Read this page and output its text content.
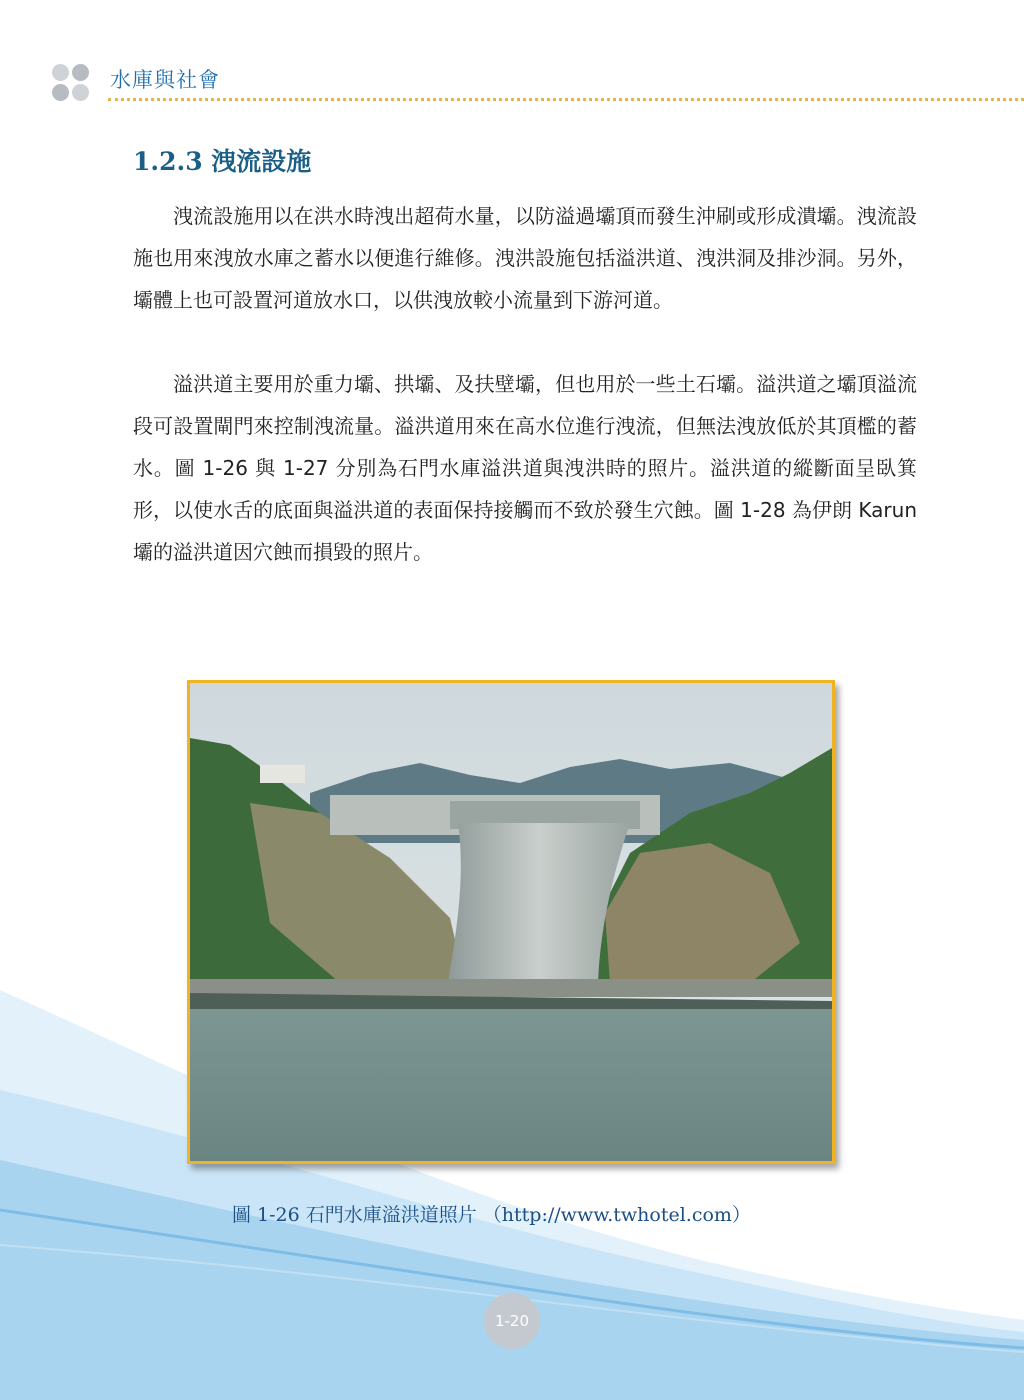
水庫與社會
1.2.3 洩流設施

洩流設施用以在洪水時洩出超荷水量，以防溢過壩頂而發生沖刷或形成潰壩。洩流設施也用來洩放水庫之蓄水以便進行維修。洩洪設施包括溢洪道、洩洪洞及排沙洞。另外，壩體上也可設置河道放水口，以供洩放較小流量到下游河道。

溢洪道主要用於重力壩、拱壩、及扶壁壩，但也用於一些土石壩。溢洪道之壩頂溢流段可設置閘門來控制洩流量。溢洪道用來在高水位進行洩流，但無法洩放低於其頂檻的蓄水。圖 1-26 與 1-27 分別為石門水庫溢洪道與洩洪時的照片。溢洪道的縱斷面呈臥箕形，以使水舌的底面與溢洪道的表面保持接觸而不致於發生穴蝕。圖 1-28 為伊朗 Karun 壩的溢洪道因穴蝕而損毀的照片。

圖 1-26 石門水庫溢洪道照片 （http://www.twhotel.com）
1-20
